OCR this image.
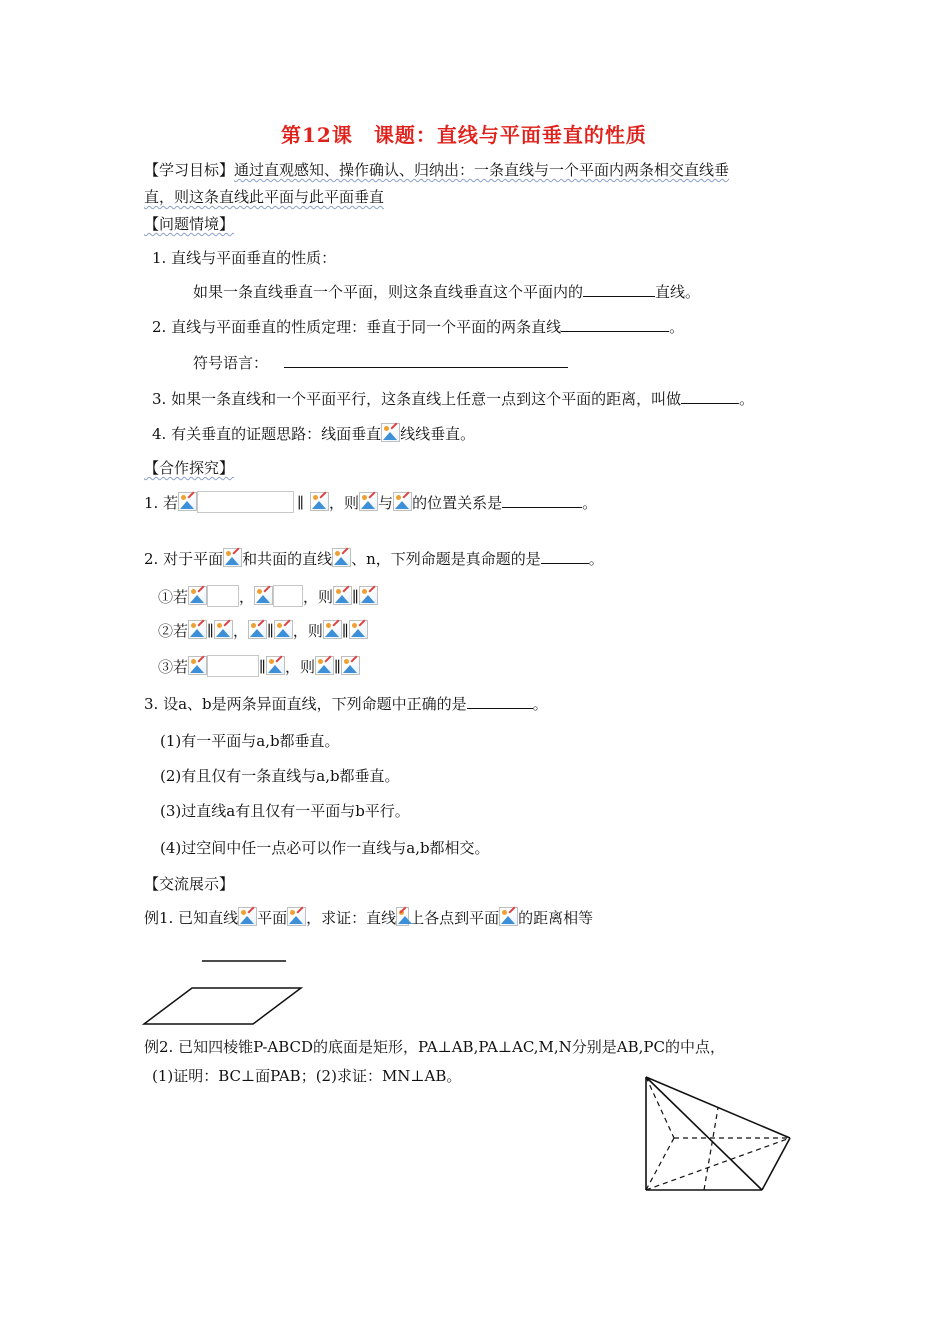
第12课　课题：直线与平面垂直的性质
【学习目标】通过直观感知、操作确认、归纳出：一条直线与一个平面内两条相交直线垂
直，则这条直线此平面与此平面垂直
【问题情境】
1. 直线与平面垂直的性质：
如果一条直线垂直一个平面，则这条直线垂直这个平面内的	直线。
2. 直线与平面垂直的性质定理：垂直于同一个平面的两条直线	。
符号语言：
3. 如果一条直线和一个平面平行，这条直线上任意一点到这个平面的距离，叫做	。
4. 有关垂直的证题思路：线面垂直 线线垂直。
【合作探究】
1. 若	∥ ，则 与 的位置关系是	。
2. 对于平面 和共面的直线 、n，下列命题是真命题的是	。
①若	，	，则 ∥
②若 ∥ ， ∥ ，则 ∥
③若	∥ ，则 ∥
3. 设a、b是两条异面直线，下列命题中正确的是	。
(1)有一平面与a,b都垂直。
(2)有且仅有一条直线与a,b都垂直。
(3)过直线a有且仅有一平面与b平行。
(4)过空间中任一点必可以作一直线与a,b都相交。
【交流展示】
例1. 已知直线 平面 ，求证：直线 上各点到平面 的距离相等
例2. 已知四棱锥P-ABCD的底面是矩形，PA⊥AB,PA⊥AC,M,N分别是AB,PC的中点，
(1)证明：BC⊥面PAB；(2)求证：MN⊥AB。
